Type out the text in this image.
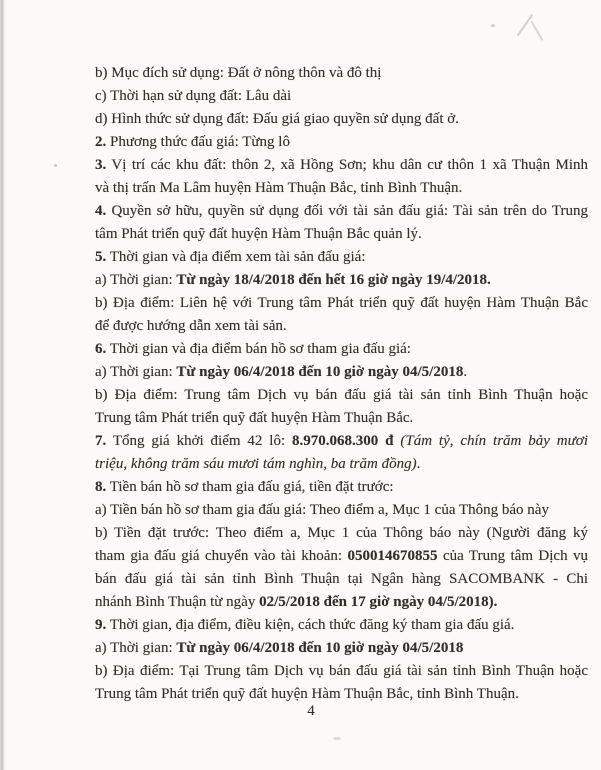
b) Mục đích sử dụng: Đất ở nông thôn và đô thị
c) Thời hạn sử dụng đất: Lâu dài
d) Hình thức sử dụng đất: Đấu giá giao quyền sử dụng đất ở.
2. Phương thức đấu giá: Từng lô
3. Vị trí các khu đất: thôn 2, xã Hồng Sơn; khu dân cư thôn 1 xã Thuận Minh
và thị trấn Ma Lâm huyện Hàm Thuận Bắc, tỉnh Bình Thuận.
4. Quyền sở hữu, quyền sử dụng đối với tài sản đấu giá: Tài sản trên do Trung
tâm Phát triển quỹ đất huyện Hàm Thuận Bắc quản lý.
5. Thời gian và địa điểm xem tài sản đấu giá:
a) Thời gian: Từ ngày 18/4/2018 đến hết 16 giờ ngày 19/4/2018.
b) Địa điểm: Liên hệ với Trung tâm Phát triển quỹ đất huyện Hàm Thuận Bắc
để được hướng dẫn xem tài sản.
6. Thời gian và địa điểm bán hồ sơ tham gia đấu giá:
a) Thời gian: Từ ngày 06/4/2018 đến 10 giờ ngày 04/5/2018.
b) Địa điểm: Trung tâm Dịch vụ bán đấu giá tài sản tỉnh Bình Thuận hoặc
Trung tâm Phát triển quỹ đất huyện Hàm Thuận Bắc.
7. Tổng giá khởi điểm 42 lô: 8.970.068.300 đ (Tám tỷ, chín trăm bảy mươi
triệu, không trăm sáu mươi tám nghìn, ba trăm đồng).
8. Tiền bán hồ sơ tham gia đấu giá, tiền đặt trước:
a) Tiền bán hồ sơ tham gia đấu giá: Theo điểm a, Mục 1 của Thông báo này
b) Tiền đặt trước: Theo điểm a, Mục 1 của Thông báo này (Người đăng ký
tham gia đấu giá chuyển vào tài khoản: 050014670855 của Trung tâm Dịch vụ
bán đấu giá tài sản tỉnh Bình Thuận tại Ngân hàng SACOMBANK - Chi
nhánh Bình Thuận từ ngày 02/5/2018 đến 17 giờ ngày 04/5/2018).
9. Thời gian, địa điểm, điều kiện, cách thức đăng ký tham gia đấu giá.
a) Thời gian: Từ ngày 06/4/2018 đến 10 giờ ngày 04/5/2018
b) Địa điểm: Tại Trung tâm Dịch vụ bán đấu giá tài sản tỉnh Bình Thuận hoặc
Trung tâm Phát triển quỹ đất huyện Hàm Thuận Bắc, tỉnh Bình Thuận.
4
